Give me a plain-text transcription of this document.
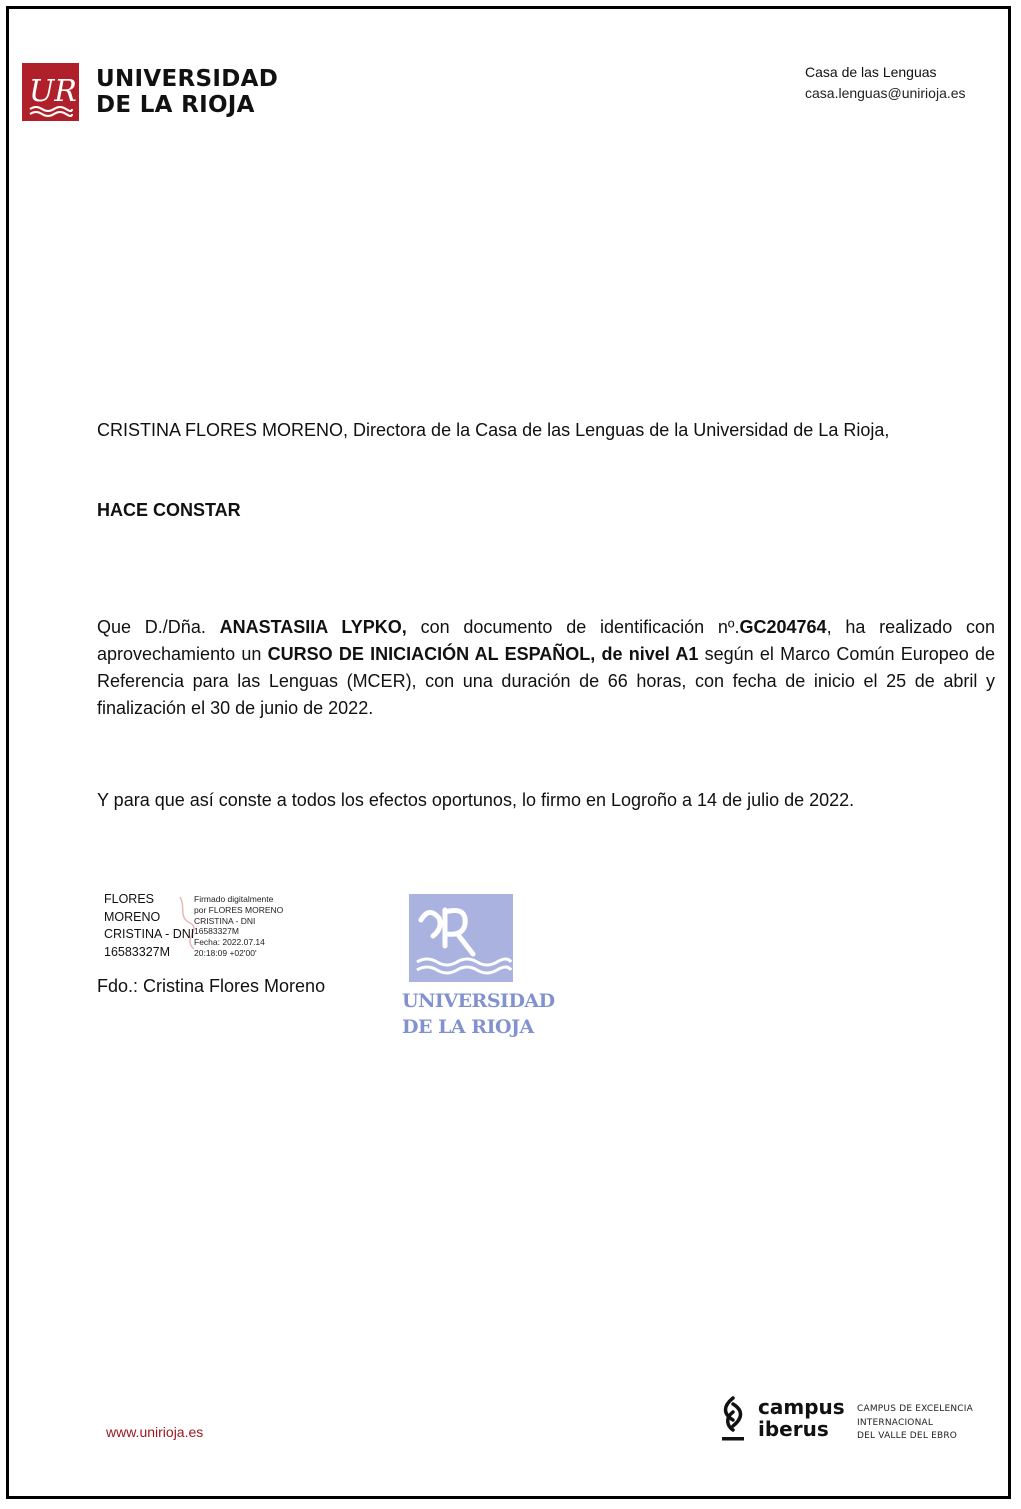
UR UNIVERSIDAD
DE LA RIOJA
Casa de las Lenguas
casa.lenguas@unirioja.es
CRISTINA FLORES MORENO, Directora de la Casa de las Lenguas de la Universidad de La Rioja,
HACE CONSTAR
Que D./Dña. ANASTASIIA LYPKO, con documento de identificación nº.GC204764, ha realizado con aprovechamiento un CURSO DE INICIACIÓN AL ESPAÑOL, de nivel A1 según el Marco Común Europeo de Referencia para las Lenguas (MCER), con una duración de 66 horas, con fecha de inicio el 25 de abril y finalización el 30 de junio de 2022.
Y para que así conste a todos los efectos oportunos, lo firmo en Logroño a 14 de julio de 2022.
FLORES
MORENO
CRISTINA - DNI
16583327M
Firmado digitalmente
por FLORES MORENO
CRISTINA - DNI
16583327M
Fecha: 2022.07.14
20:18:09 +02'00'
Fdo.: Cristina Flores Moreno
UNIVERSIDAD
DE LA RIOJA
www.unirioja.es
campus
iberus
CAMPUS DE EXCELENCIA
INTERNACIONAL
DEL VALLE DEL EBRO
